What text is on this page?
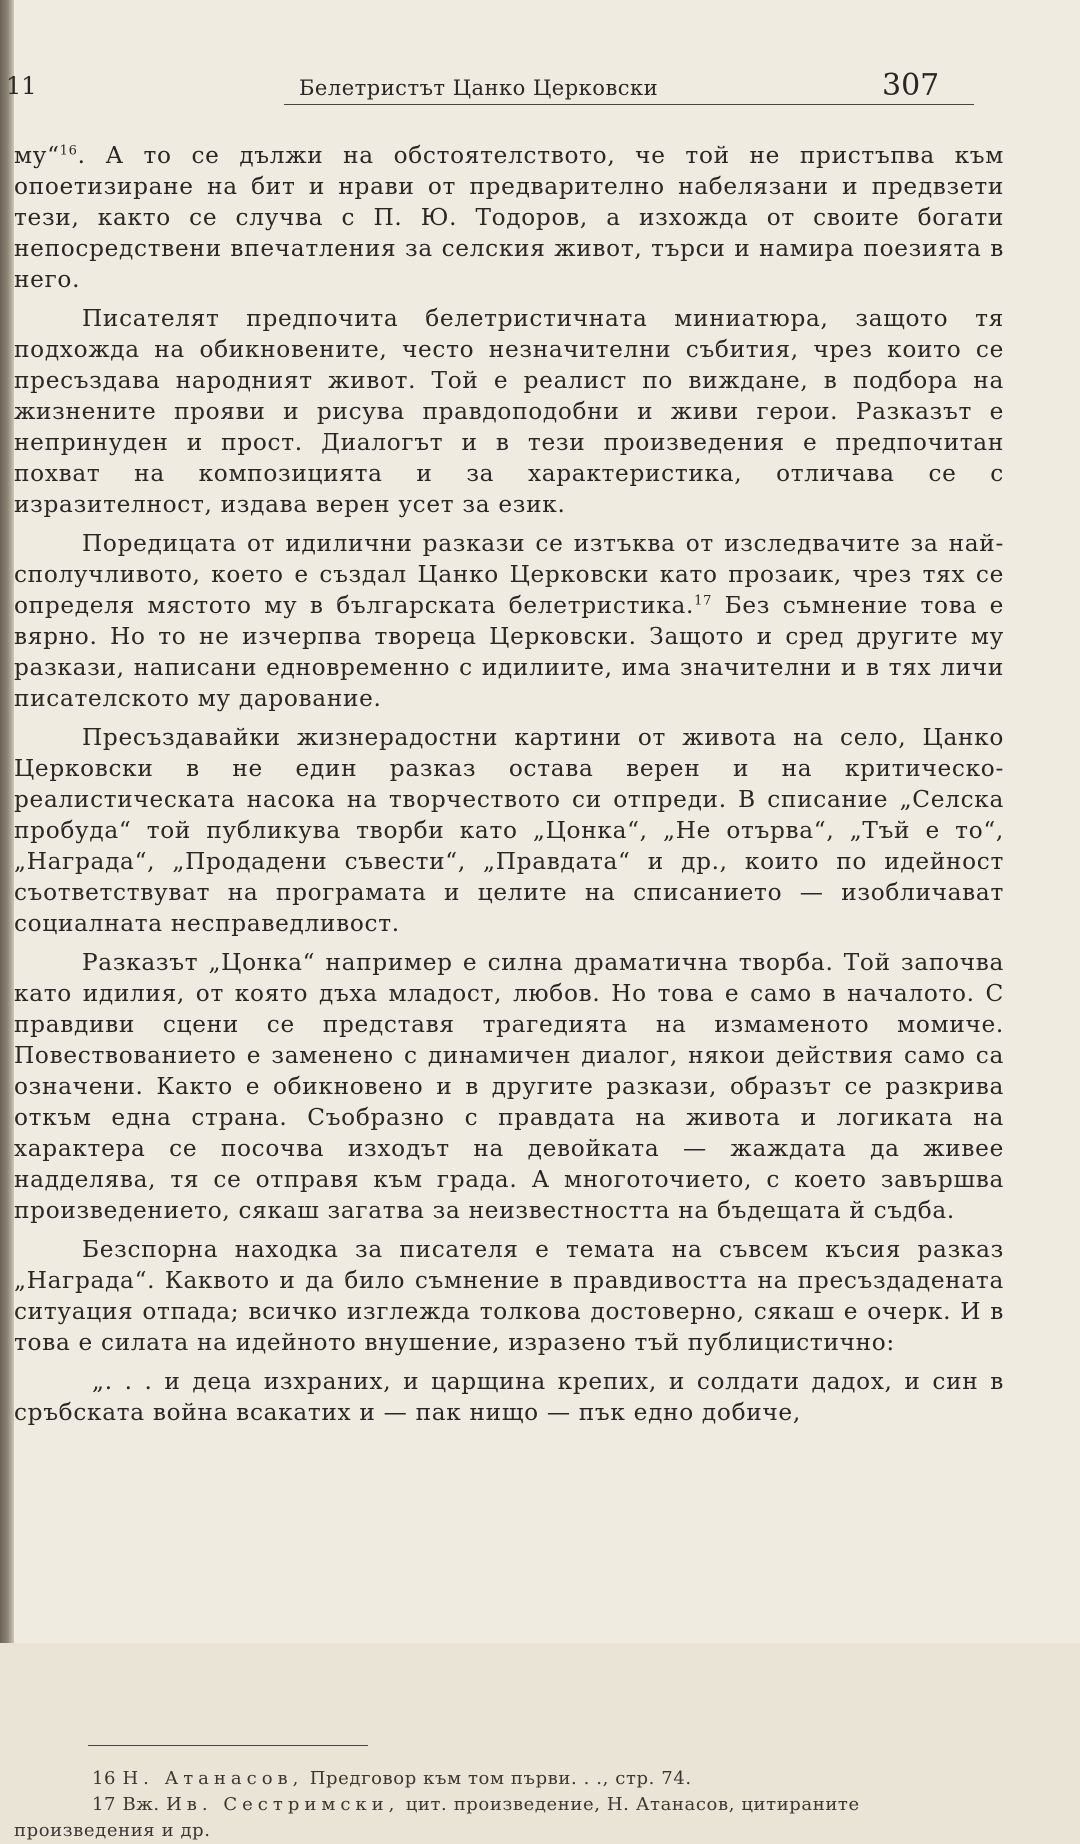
11	Белетристът Цанко Церковски	307

му“$^{16}$. А то се дължи на обстоятелството, че той не пристъпва към опоетизиране на бит и нрави от предварително набелязани и предвзети тези, както се случва с П. Ю. Тодоров, а изхожда от своите богати непосредствени впечатления за селския живот, търси и намира поезията в него.

Писателят предпочита белетристичната миниатюра, защото тя подхожда на обикновените, често незначителни събития, чрез които се пресъздава народният живот. Той е реалист по виждане, в подбора на жизнените прояви и рисува правдоподобни и живи герои. Разказът е непринуден и прост. Диалогът и в тези произведения е предпочитан похват на композицията и за характеристика, отличава се с изразителност, издава верен усет за език.

Поредицата от идилични разкази се изтъква от изследвачите за най-сполучливото, което е създал Цанко Церковски като прозаик, чрез тях се определя мястото му в българската белетристика.$^{17}$ Без съмнение това е вярно. Но то не изчерпва твореца Церковски. Защото и сред другите му разкази, написани едновременно с идилиите, има значителни и в тях личи писателското му дарование.

Пресъздавайки жизнерадостни картини от живота на село, Цанко Церковски в не един разказ остава верен и на критическо-реалистическата насока на творчеството си отпреди. В списание „Селска пробуда“ той публикува творби като „Цонка“, „Не отърва“, „Тъй е то“, „Награда“, „Продадени съвести“, „Правдата“ и др., които по идейност съответствуват на програмата и целите на списанието — изобличават социалната несправедливост.

Разказът „Цонка“ например е силна драматична творба. Той започва като идилия, от която дъха младост, любов. Но това е само в началото. С правдиви сцени се представя трагедията на измаменото момиче. Повествованието е заменено с динамичен диалог, някои действия само са означени. Както е обикновено и в другите разкази, образът се разкрива откъм една страна. Съобразно с правдата на живота и логиката на характера се посочва изходът на девойката — жаждата да живее надделява, тя се отправя към града. А многоточието, с което завършва произведението, сякаш загатва за неизвестността на бъдещата й съдба.

Безспорна находка за писателя е темата на съвсем късия разказ „Награда“. Каквото и да било съмнение в правдивостта на пресъздадената ситуация отпада; всичко изглежда толкова достоверно, сякаш е очерк. И в това е силата на идейното внушение, изразено тъй публицистично:

„. . . и деца изхраних, и царщина крепих, и солдати дадох, и син в сръбската война всакатих и — пак нищо — пък едно добиче,

16 Н. Атанасов, Предговор към том първи. . ., стр. 74.

17 Вж. Ив. Сестримски, цит. произведение, Н. Атанасов, цитираните произведения и др.
